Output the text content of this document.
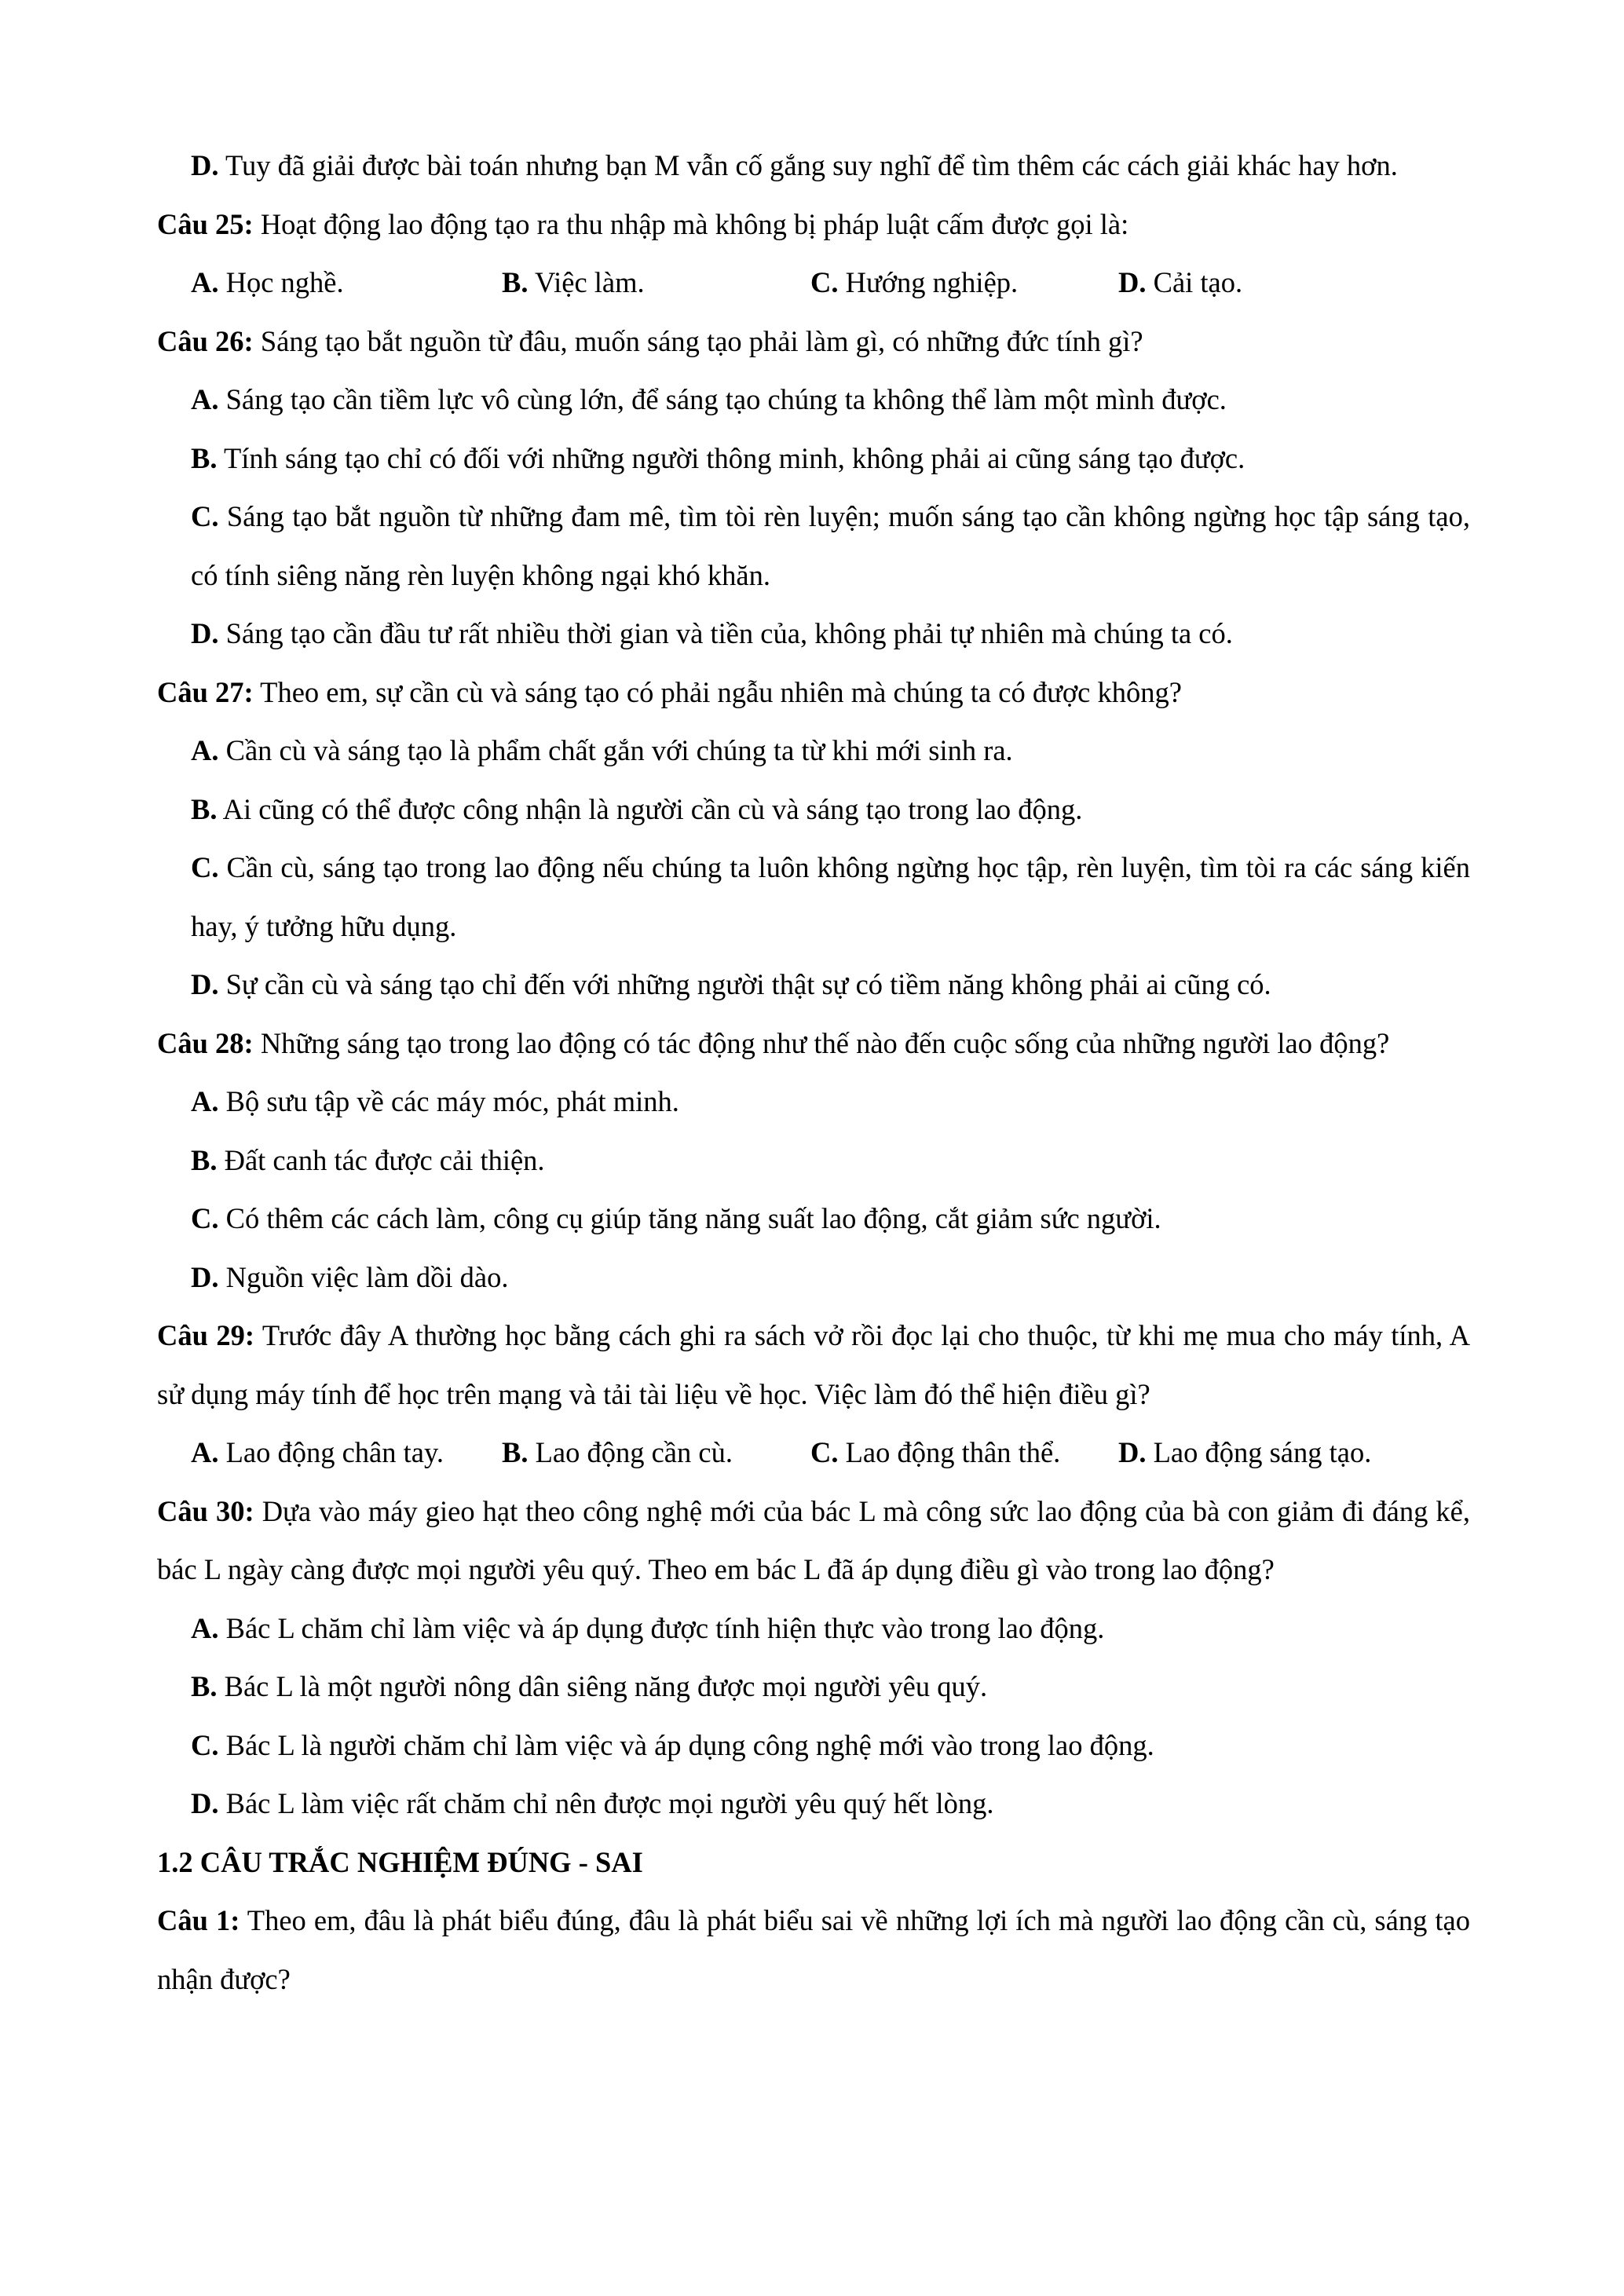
D. Tuy đã giải được bài toán nhưng bạn M vẫn cố gắng suy nghĩ để tìm thêm các cách giải khác hay hơn.
Câu 25: Hoạt động lao động tạo ra thu nhập mà không bị pháp luật cấm được gọi là:
A. Học nghề.	B. Việc làm.	C. Hướng nghiệp.	D. Cải tạo.
Câu 26: Sáng tạo bắt nguồn từ đâu, muốn sáng tạo phải làm gì, có những đức tính gì?
A. Sáng tạo cần tiềm lực vô cùng lớn, để sáng tạo chúng ta không thể làm một mình được.
B. Tính sáng tạo chỉ có đối với những người thông minh, không phải ai cũng sáng tạo được.
C. Sáng tạo bắt nguồn từ những đam mê, tìm tòi rèn luyện; muốn sáng tạo cần không ngừng học tập sáng tạo, có tính siêng năng rèn luyện không ngại khó khăn.
D. Sáng tạo cần đầu tư rất nhiều thời gian và tiền của, không phải tự nhiên mà chúng ta có.
Câu 27: Theo em, sự cần cù và sáng tạo có phải ngẫu nhiên mà chúng ta có được không?
A. Cần cù và sáng tạo là phẩm chất gắn với chúng ta từ khi mới sinh ra.
B. Ai cũng có thể được công nhận là người cần cù và sáng tạo trong lao động.
C. Cần cù, sáng tạo trong lao động nếu chúng ta luôn không ngừng học tập, rèn luyện, tìm tòi ra các sáng kiến hay, ý tưởng hữu dụng.
D. Sự cần cù và sáng tạo chỉ đến với những người thật sự có tiềm năng không phải ai cũng có.
Câu 28: Những sáng tạo trong lao động có tác động như thế nào đến cuộc sống của những người lao động?
A. Bộ sưu tập về các máy móc, phát minh.
B. Đất canh tác được cải thiện.
C. Có thêm các cách làm, công cụ giúp tăng năng suất lao động, cắt giảm sức người.
D. Nguồn việc làm dồi dào.
Câu 29: Trước đây A thường học bằng cách ghi ra sách vở rồi đọc lại cho thuộc, từ khi mẹ mua cho máy tính, A sử dụng máy tính để học trên mạng và tải tài liệu về học. Việc làm đó thể hiện điều gì?
A. Lao động chân tay. B. Lao động cần cù.	C. Lao động thân thể. D. Lao động sáng tạo.
Câu 30: Dựa vào máy gieo hạt theo công nghệ mới của bác L mà công sức lao động của bà con giảm đi đáng kể, bác L ngày càng được mọi người yêu quý. Theo em bác L đã áp dụng điều gì vào trong lao động?
A. Bác L chăm chỉ làm việc và áp dụng được tính hiện thực vào trong lao động.
B. Bác L là một người nông dân siêng năng được mọi người yêu quý.
C. Bác L là người chăm chỉ làm việc và áp dụng công nghệ mới vào trong lao động.
D. Bác L làm việc rất chăm chỉ nên được mọi người yêu quý hết lòng.
1.2 CÂU TRẮC NGHIỆM ĐÚNG - SAI
Câu 1: Theo em, đâu là phát biểu đúng, đâu là phát biểu sai về những lợi ích mà người lao động cần cù, sáng tạo nhận được?
